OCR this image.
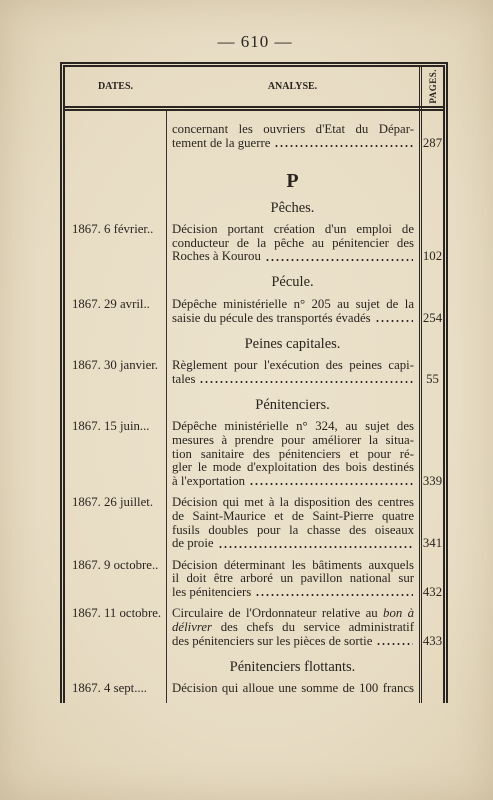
— 610 —
DATES.	ANALYSE.	PAGES.
concernant les ouvriers d'Etat du Dépar-
tement de la guerre	287
P
Pêches.
1867. 6 février..	Décision portant création d'un emploi de
conducteur de la pêche au pénitencier des
Roches à Kourou	102
Pécule.
1867. 29 avril..	Dépêche ministérielle n° 205 au sujet de la
saisie du pécule des transportés évadés	254
Peines capitales.
1867. 30 janvier.	Règlement pour l'exécution des peines capi-
tales	55
Pénitenciers.
1867. 15 juin...	Dépêche ministérielle n° 324, au sujet des
mesures à prendre pour améliorer la situa-
tion sanitaire des pénitenciers et pour ré-
gler le mode d'exploitation des bois destinés
à l'exportation	339
1867. 26 juillet.	Décision qui met à la disposition des centres
de Saint-Maurice et de Saint-Pierre quatre
fusils doubles pour la chasse des oiseaux
de proie	341
1867. 9 octobre..	Décision déterminant les bâtiments auxquels
il doit être arboré un pavillon national sur
les pénitenciers	432
1867. 11 octobre. Circulaire de l'Ordonnateur relative au bon à
délivrer des chefs du service administratif
des pénitenciers sur les pièces de sortie	433
Pénitenciers flottants.
1867. 4 sept....	Décision qui alloue une somme de 100 francs
